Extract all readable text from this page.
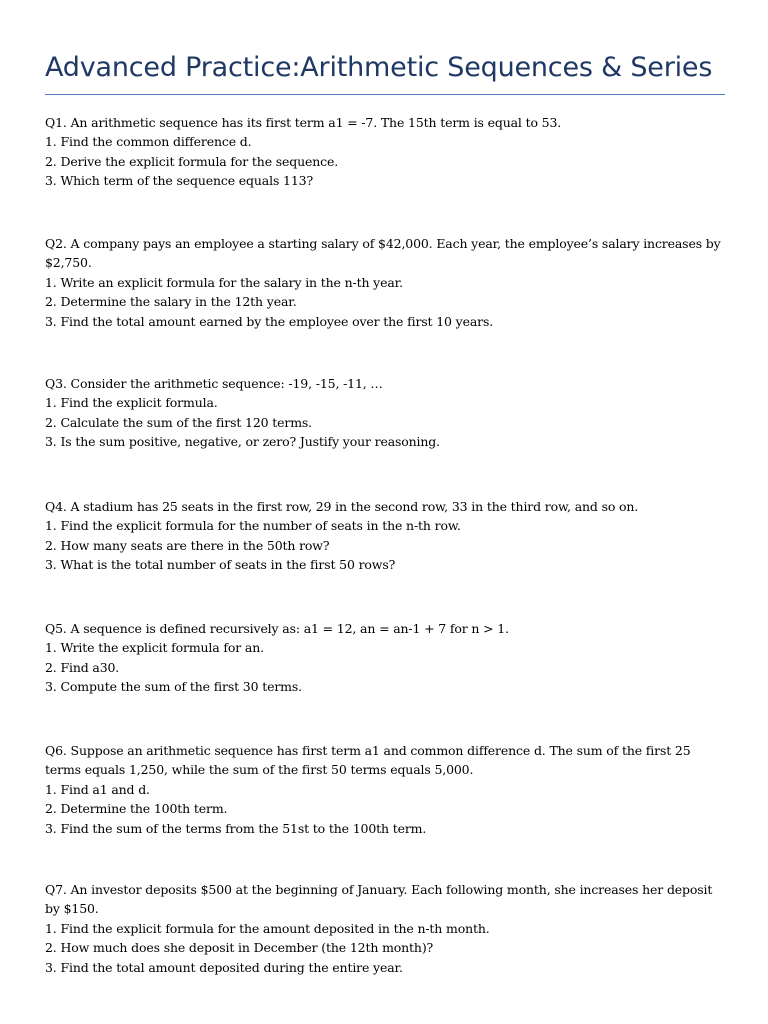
Advanced Practice:Arithmetic Sequences & Series

Q1. An arithmetic sequence has its first term a1 = -7. The 15th term is equal to 53.

1. Find the common difference d.

2. Derive the explicit formula for the sequence.

3. Which term of the sequence equals 113?

Q2. A company pays an employee a starting salary of $42,000. Each year, the employee’s salary increases by $2,750.

1. Write an explicit formula for the salary in the n-th year.

2. Determine the salary in the 12th year.

3. Find the total amount earned by the employee over the first 10 years.

Q3. Consider the arithmetic sequence: -19, -15, -11, …

1. Find the explicit formula.

2. Calculate the sum of the first 120 terms.

3. Is the sum positive, negative, or zero? Justify your reasoning.

Q4. A stadium has 25 seats in the first row, 29 in the second row, 33 in the third row, and so on.

1. Find the explicit formula for the number of seats in the n-th row.

2. How many seats are there in the 50th row?

3. What is the total number of seats in the first 50 rows?

Q5. A sequence is defined recursively as: a1 = 12, an = an-1 + 7 for n > 1.

1. Write the explicit formula for an.

2. Find a30.

3. Compute the sum of the first 30 terms.

Q6. Suppose an arithmetic sequence has first term a1 and common difference d. The sum of the first 25 terms equals 1,250, while the sum of the first 50 terms equals 5,000.

1. Find a1 and d.

2. Determine the 100th term.

3. Find the sum of the terms from the 51st to the 100th term.

Q7. An investor deposits $500 at the beginning of January. Each following month, she increases her deposit by $150.

1. Find the explicit formula for the amount deposited in the n-th month.

2. How much does she deposit in December (the 12th month)?

3. Find the total amount deposited during the entire year.
